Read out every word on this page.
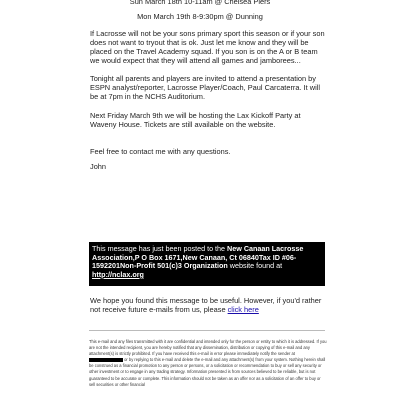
Sun March 18th 10-11am @ Chelsea Piers
Mon March 19th 8-9:30pm @ Dunning
If Lacrosse will not be your sons primary sport this season or if your son does not want to tryout that is ok. Just let me know and they will be placed on the Travel Academy squad. If you son is on the A or B team we would expect that they will attend all games and jamborees...
Tonight all parents and players are invited to attend a presentation by ESPN analyst/reporter, Lacrosse Player/Coach, Paul Carcaterra. It will be at 7pm in the NCHS Auditorium.
Next Friday March 9th we will be hosting the Lax Kickoff Party at Waveny House. Tickets are still available on the website.
Feel free to contact me with any questions.
John
This message has just been posted to the New Canaan Lacrosse Association,P O Box 1671,New Canaan, Ct 06840Tax ID #06-1592201Non-Profit 501(c)3 Organization website found at http://nclax.org
We hope you found this message to be useful. However, if you'd rather not receive future e-mails from us, please click here
This e-mail and any files transmitted with it are confidential and intended only for the person or entity to which it is addressed. If you are not the intended recipient, you are hereby notified that any dissemination, distribution or copying of this e-mail and any attachment(s) is strictly prohibited. If you have received this e-mail in error please immediately notify the sender at  or by replying to this e-mail and delete the e-mail and any attachment(s) from your system. Nothing herein shall be construed as a financial promotion to any person or persons, or a solicitation or recommendation to buy or sell any security or other investment or to engage in any trading strategy. Information presented is from sources believed to be reliable, but is not guaranteed to be accurate or complete. This information should not be taken as an offer nor as a solicitation of an offer to buy or sell securities or other financial
